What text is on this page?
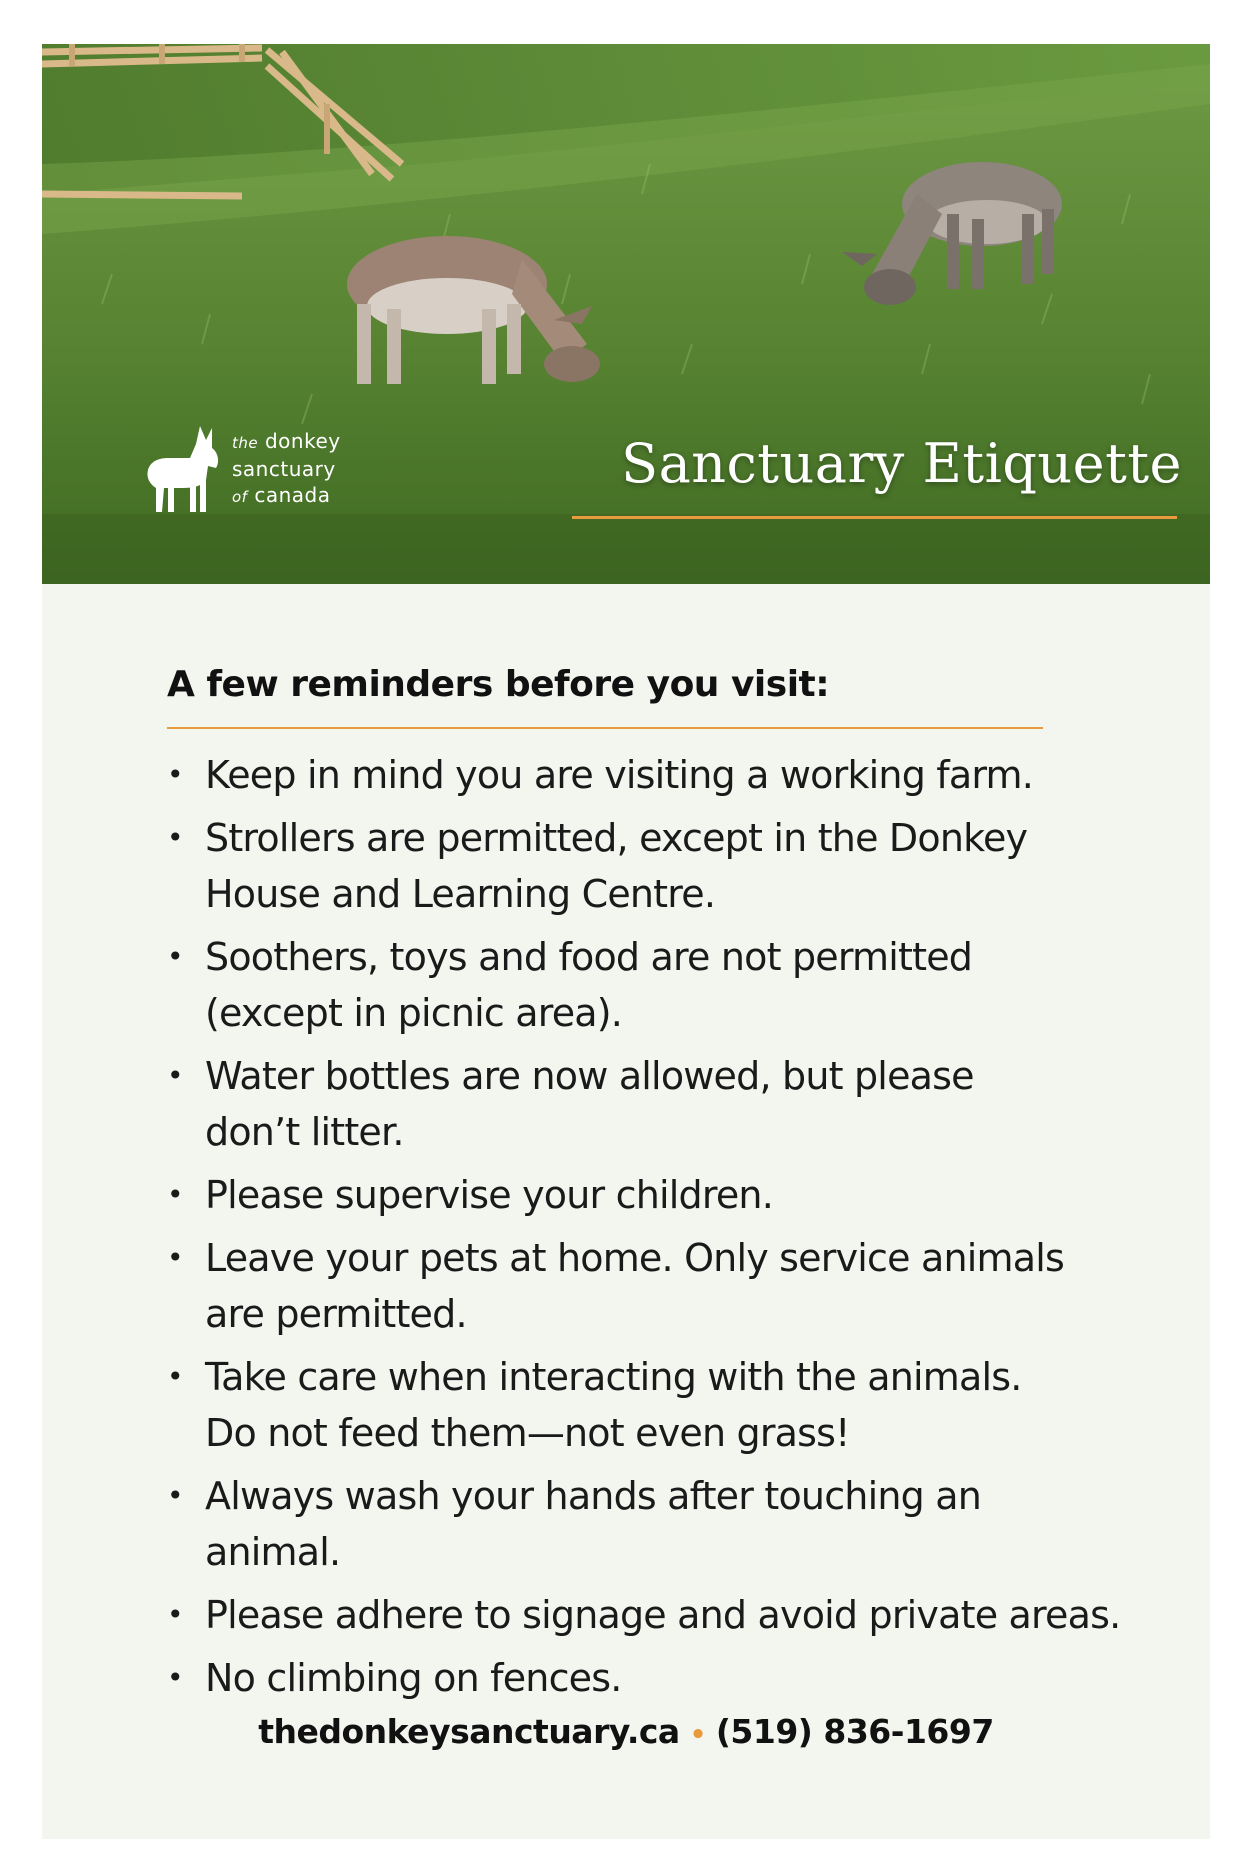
the donkey
sanctuary
of canada	Sanctuary Etiquette
A few reminders before you visit:
• Keep in mind you are visiting a working farm.
• Strollers are permitted, except in the Donkey
House and Learning Centre.
• Soothers, toys and food are not permitted
(except in picnic area).
• Water bottles are now allowed, but please
don’t litter.
• Please supervise your children.
• Leave your pets at home. Only service animals
are permitted.
• Take care when interacting with the animals.
Do not feed them—not even grass!
• Always wash your hands after touching an animal.
• Please adhere to signage and avoid private areas.
• No climbing on fences.
thedonkeysanctuary.ca • (519) 836-1697
